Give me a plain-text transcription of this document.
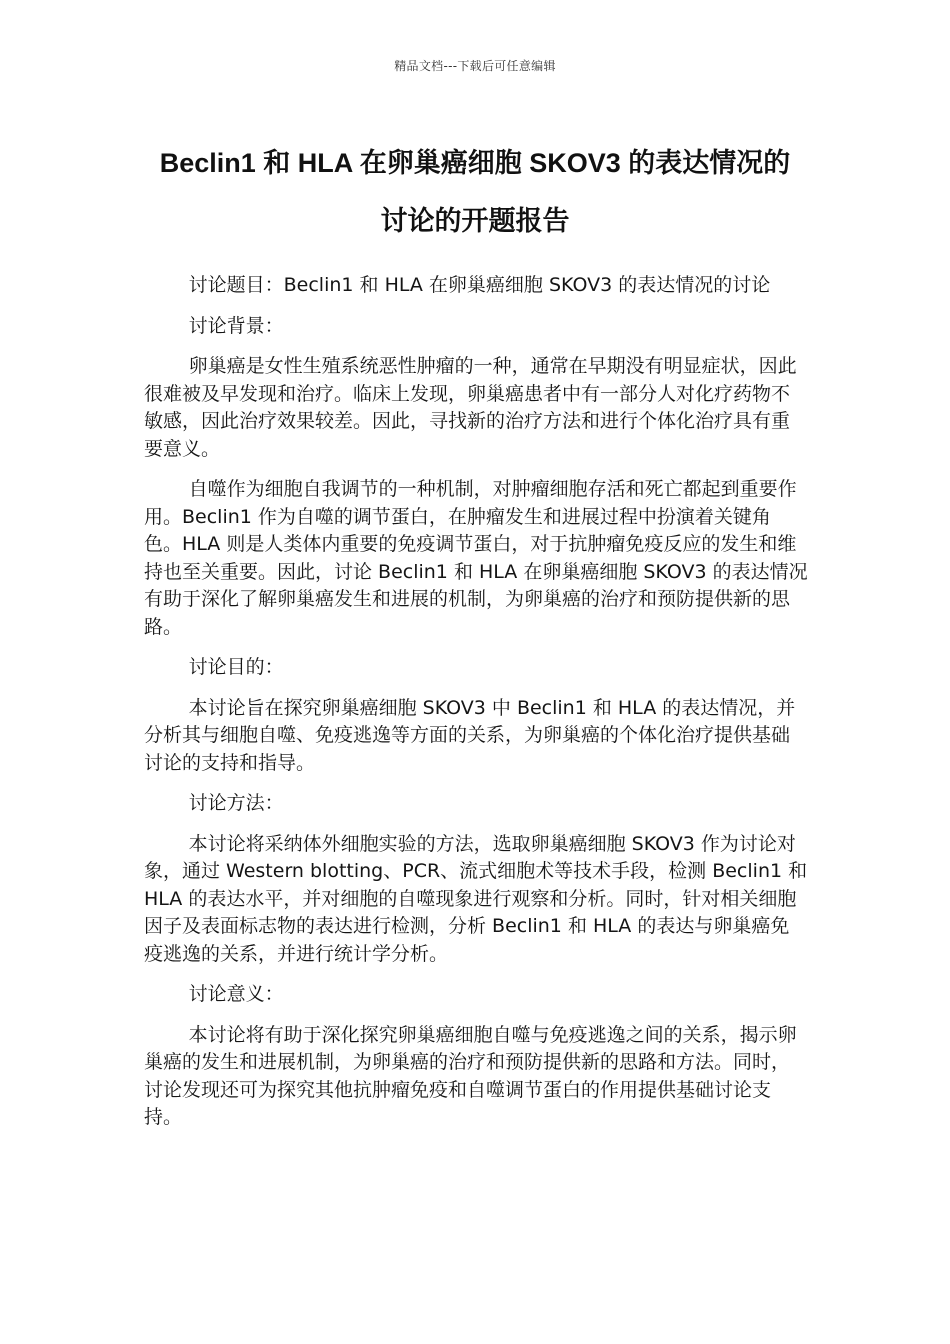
精品文档---下载后可任意编辑
Beclin1 和 HLA 在卵巢癌细胞 SKOV3 的表达情况的
讨论的开题报告

讨论题目：Beclin1 和 HLA 在卵巢癌细胞 SKOV3 的表达情况的讨论

讨论背景：

卵巢癌是女性生殖系统恶性肿瘤的一种，通常在早期没有明显症状，因此很难被及早发现和治疗。临床上发现，卵巢癌患者中有一部分人对化疗药物不敏感，因此治疗效果较差。因此，寻找新的治疗方法和进行个体化治疗具有重要意义。

自噬作为细胞自我调节的一种机制，对肿瘤细胞存活和死亡都起到重要作用。Beclin1 作为自噬的调节蛋白，在肿瘤发生和进展过程中扮演着关键角色。HLA 则是人类体内重要的免疫调节蛋白，对于抗肿瘤免疫反应的发生和维持也至关重要。因此，讨论 Beclin1 和 HLA 在卵巢癌细胞 SKOV3 的表达情况有助于深化了解卵巢癌发生和进展的机制，为卵巢癌的治疗和预防提供新的思路。

讨论目的：

本讨论旨在探究卵巢癌细胞 SKOV3 中 Beclin1 和 HLA 的表达情况，并分析其与细胞自噬、免疫逃逸等方面的关系，为卵巢癌的个体化治疗提供基础讨论的支持和指导。

讨论方法：

本讨论将采纳体外细胞实验的方法，选取卵巢癌细胞 SKOV3 作为讨论对象，通过 Western blotting、PCR、流式细胞术等技术手段，检测 Beclin1 和 HLA 的表达水平，并对细胞的自噬现象进行观察和分析。同时，针对相关细胞因子及表面标志物的表达进行检测，分析 Beclin1 和 HLA 的表达与卵巢癌免疫逃逸的关系，并进行统计学分析。

讨论意义：

本讨论将有助于深化探究卵巢癌细胞自噬与免疫逃逸之间的关系，揭示卵巢癌的发生和进展机制，为卵巢癌的治疗和预防提供新的思路和方法。同时，讨论发现还可为探究其他抗肿瘤免疫和自噬调节蛋白的作用提供基础讨论支持。
